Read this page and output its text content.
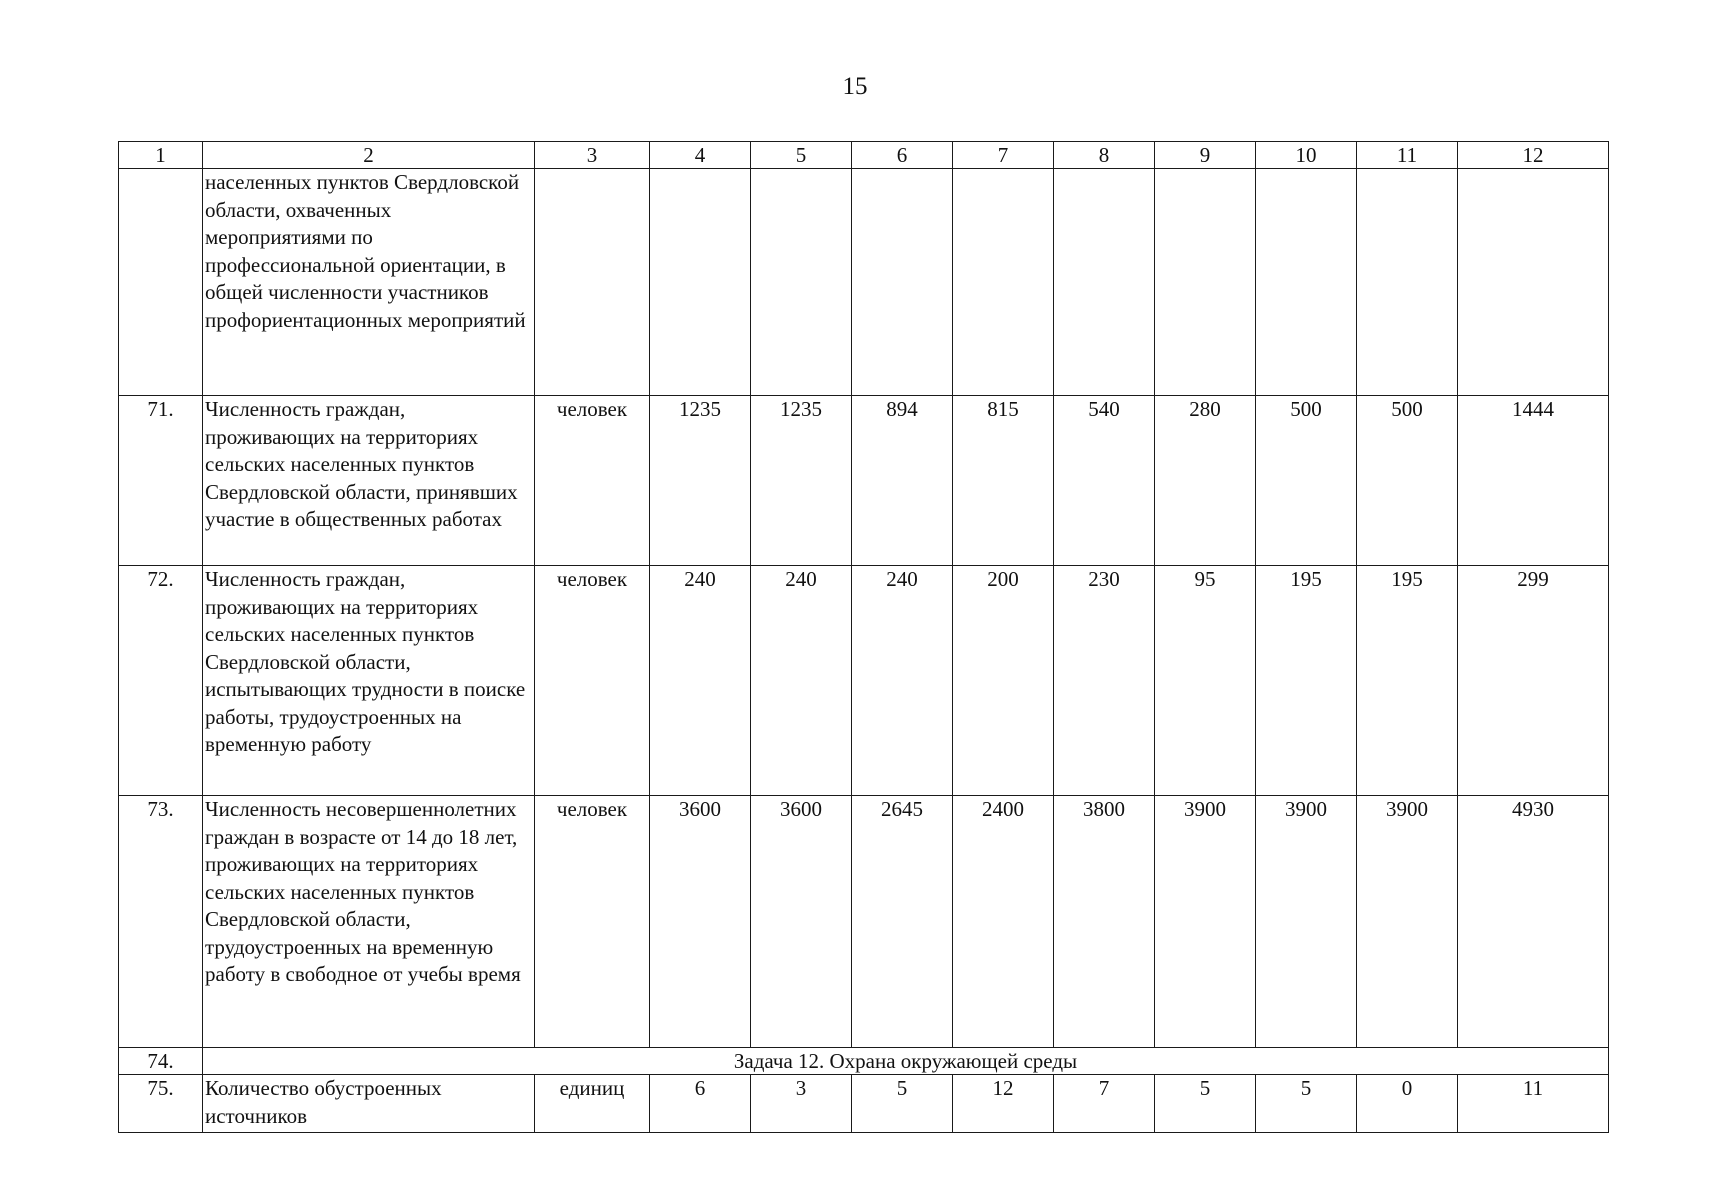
15
1	2	3	4	5	6	7	8	9	10	11	12
	населенных пунктов Свердловской области, охваченных мероприятиями по профессиональной ориентации, в общей численности участников профориентационных мероприятий										
71.	Численность граждан, проживающих на территориях сельских населенных пунктов Свердловской области, принявших участие в общественных работах	человек	1235	1235	894	815	540	280	500	500	1444
72.	Численность граждан, проживающих на территориях сельских населенных пунктов Свердловской области, испытывающих трудности в поиске работы, трудоустроенных на временную работу	человек	240	240	240	200	230	95	195	195	299
73.	Численность несовершеннолетних граждан в возрасте от 14 до 18 лет, проживающих на территориях сельских населенных пунктов Свердловской области, трудоустроенных на временную работу в свободное от учебы время	человек	3600	3600	2645	2400	3800	3900	3900	3900	4930
74.	Задача 12. Охрана окружающей среды										
75.	Количество обустроенных источников	единиц	6	3	5	12	7	5	5	0	11
